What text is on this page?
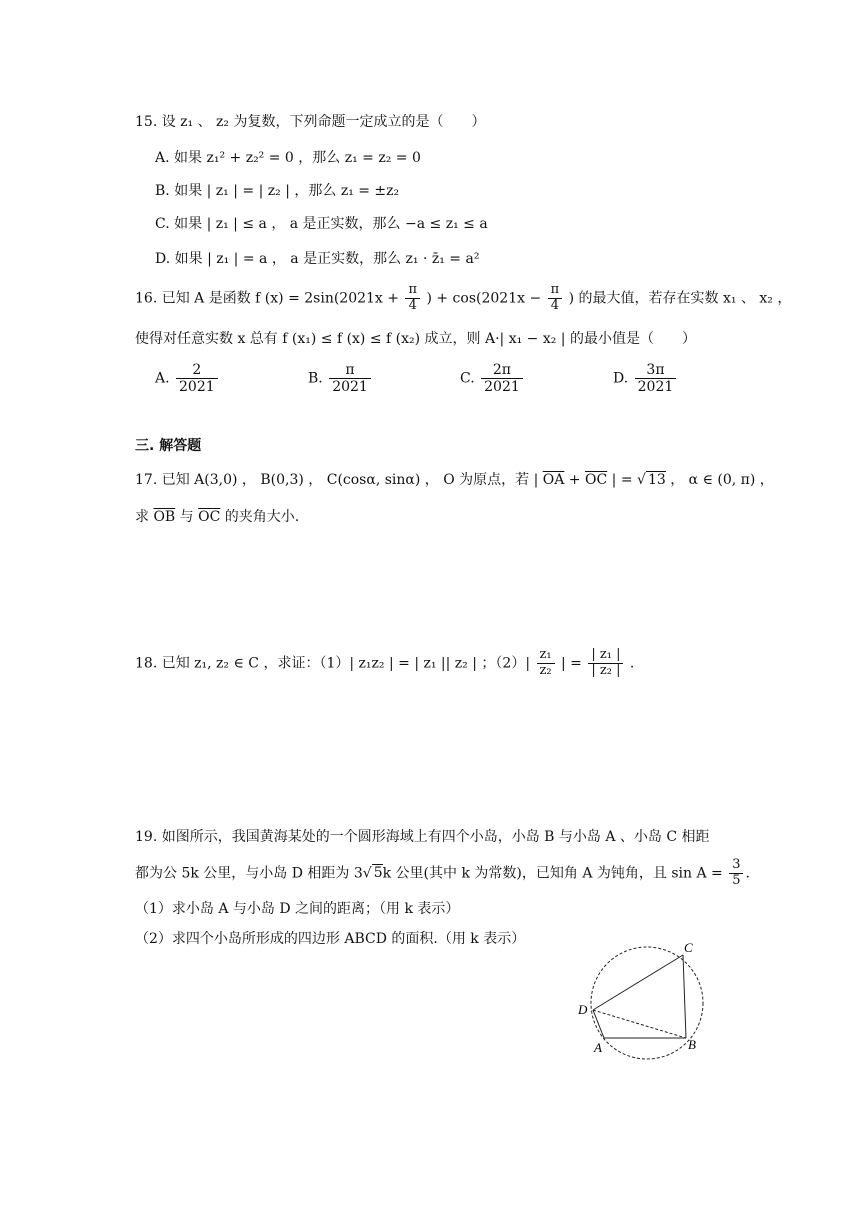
15. 设 z₁ 、 z₂ 为复数，下列命题一定成立的是（　　）
A. 如果 z₁² + z₂² = 0 ，那么 z₁ = z₂ = 0
B. 如果 | z₁ | = | z₂ | ，那么 z₁ = ±z₂
C. 如果 | z₁ | ≤ a ， a 是正实数，那么 −a ≤ z₁ ≤ a
D. 如果 | z₁ | = a ， a 是正实数，那么 z₁ · z̄₁ = a²
16. 已知 A 是函数 f $(x) = 2\sin(2021x + \frac{\pi}{4}$ ) + $\cos(2021x - \frac{\pi}{4}$ ) 的最大值，若存在实数 x₁ 、 x₂ ，
使得对任意实数 x 总有 f (x₁) ≤ f (x) ≤ f (x₂) 成立，则 A·| x₁ − x₂ | 的最小值是（　　）
A. $\frac{2}{2021}$	B. $\frac{\pi}{2021}$	C. $\frac{2\pi}{2021}$	D. $\frac{3\pi}{2021}$
三. 解答题
17. 已知 A(3,0) ， B(0,3) ， C(cosα, sinα) ， O 为原点，若 | $\overline{OA} + \overline{OC}$ | = √ 13 ， α ∈ (0, π) ，
求 $\overline{OB}$ 与 $\overline{OC}$ 的夹角大小.
18. 已知 z₁, z₂ ∈ C ，求证：（1）| z₁z₂ | = | z₁ || z₂ | ；$(2)| \frac{\text{z₁}}{\text{z₂}}$ | = $\frac{\text{| z₁ |}}{\text{| z₂ |}}$ .
19. 如图所示，我国黄海某处的一个圆形海域上有四个小岛，小岛 B 与小岛 A 、小岛 C 相距
都为公 5k 公里，与小岛 D 相距为 3√ 5k 公里(其中 k 为常数)，已知角 A 为钝角，且 $\sin A = \frac{3}{5}$ .
（1）求小岛 A 与小岛 D 之间的距离；（用 k 表示）
（2）求四个小岛所形成的四边形 ABCD 的面积.（用 k 表示）
C
D
A	B
